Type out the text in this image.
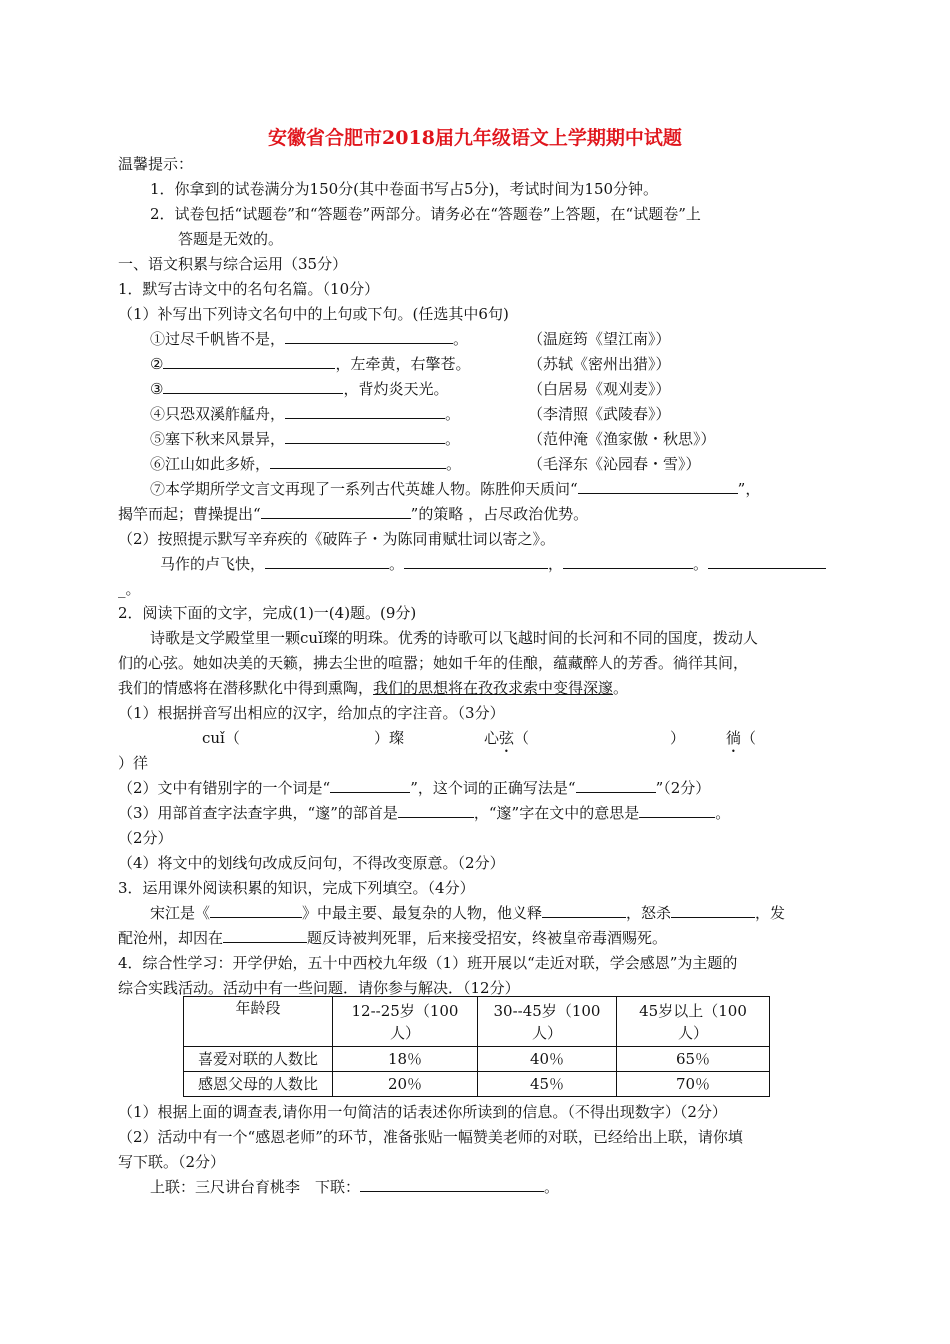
安徽省合肥市2018届九年级语文上学期期中试题
温馨提示：
1．你拿到的试卷满分为150分(其中卷面书写占5分)，考试时间为150分钟。
2．试卷包括“试题卷”和“答题卷”两部分。请务必在“答题卷”上答题，在“试题卷”上
答题是无效的。
一、语文积累与综合运用（35分）
1．默写古诗文中的名句名篇。（10分）
（1）补写出下列诗文名句中的上句或下句。(任选其中6句)
①过尽千帆皆不是，	。	（温庭筠《望江南》）
②	，左牵黄，右擎苍。	（苏轼《密州出猎》）
③	，背灼炎天光。	（白居易《观刈麦》）
④只恐双溪舴艋舟，	。	（李清照《武陵春》）
⑤塞下秋来风景异，	。	（范仲淹《渔家傲・秋思》）
⑥江山如此多娇，	。	（毛泽东《沁园春・雪》）
⑦本学期所学文言文再现了一系列古代英雄人物。陈胜仰天质问“	”，
揭竿而起；曹操提出“	”的策略 ，占尽政治优势。
（2）按照提示默写辛弃疾的《破阵子・为陈同甫赋壮词以寄之》。
马作的卢飞快，	。	，	。
_。
2．阅读下面的文字，完成(1)一(4)题。(9分)
诗歌是文学殿堂里一颗cuǐ璨的明珠。优秀的诗歌可以飞越时间的长河和不同的国度，拨动人
们的心弦。她如决美的天籁，拂去尘世的喧嚣；她如千年的佳酿，蕴藏醉人的芳香。徜徉其间，
我们的情感将在潜移默化中得到熏陶，我们的思想将在孜孜求索中变得深邃。
（1）根据拼音写出相应的汉字，给加点的字注音。（3分）
cuǐ（	）璨	心弦（	）	徜（
）徉
（2）文中有错别字的一个词是“	”，这个词的正确写法是“	”（2分）
（3）用部首查字法查字典，“邃”的部首是	，“邃”字在文中的意思是	。
（2分）
（4）将文中的划线句改成反问句，不得改变原意。（2分）
3．运用课外阅读积累的知识，完成下列填空。（4分）
宋江是《	》中最主要、最复杂的人物，他义释	，怒杀	，发
配沧州，却因在	题反诗被判死罪，后来接受招安，终被皇帝毒酒赐死。
4．综合性学习：开学伊始，五十中西校九年级（1）班开展以“走近对联，学会感恩”为主题的
综合实践活动。活动中有一些问题．请你参与解决．（12分）
年龄段	12--25岁（100
人）	30--45岁（100
人）	45岁以上（100
人）
喜爱对联的人数比	18％	40％	65％
感恩父母的人数比	20％	45％	70％
（1）根据上面的调查表,请你用一句简洁的话表述你所读到的信息。（不得出现数字）（2分）
（2）活动中有一个“感恩老师”的环节，准备张贴一幅赞美老师的对联，已经给出上联，请你填
写下联。（2分）
上联：三尺讲台育桃李　下联：	。
